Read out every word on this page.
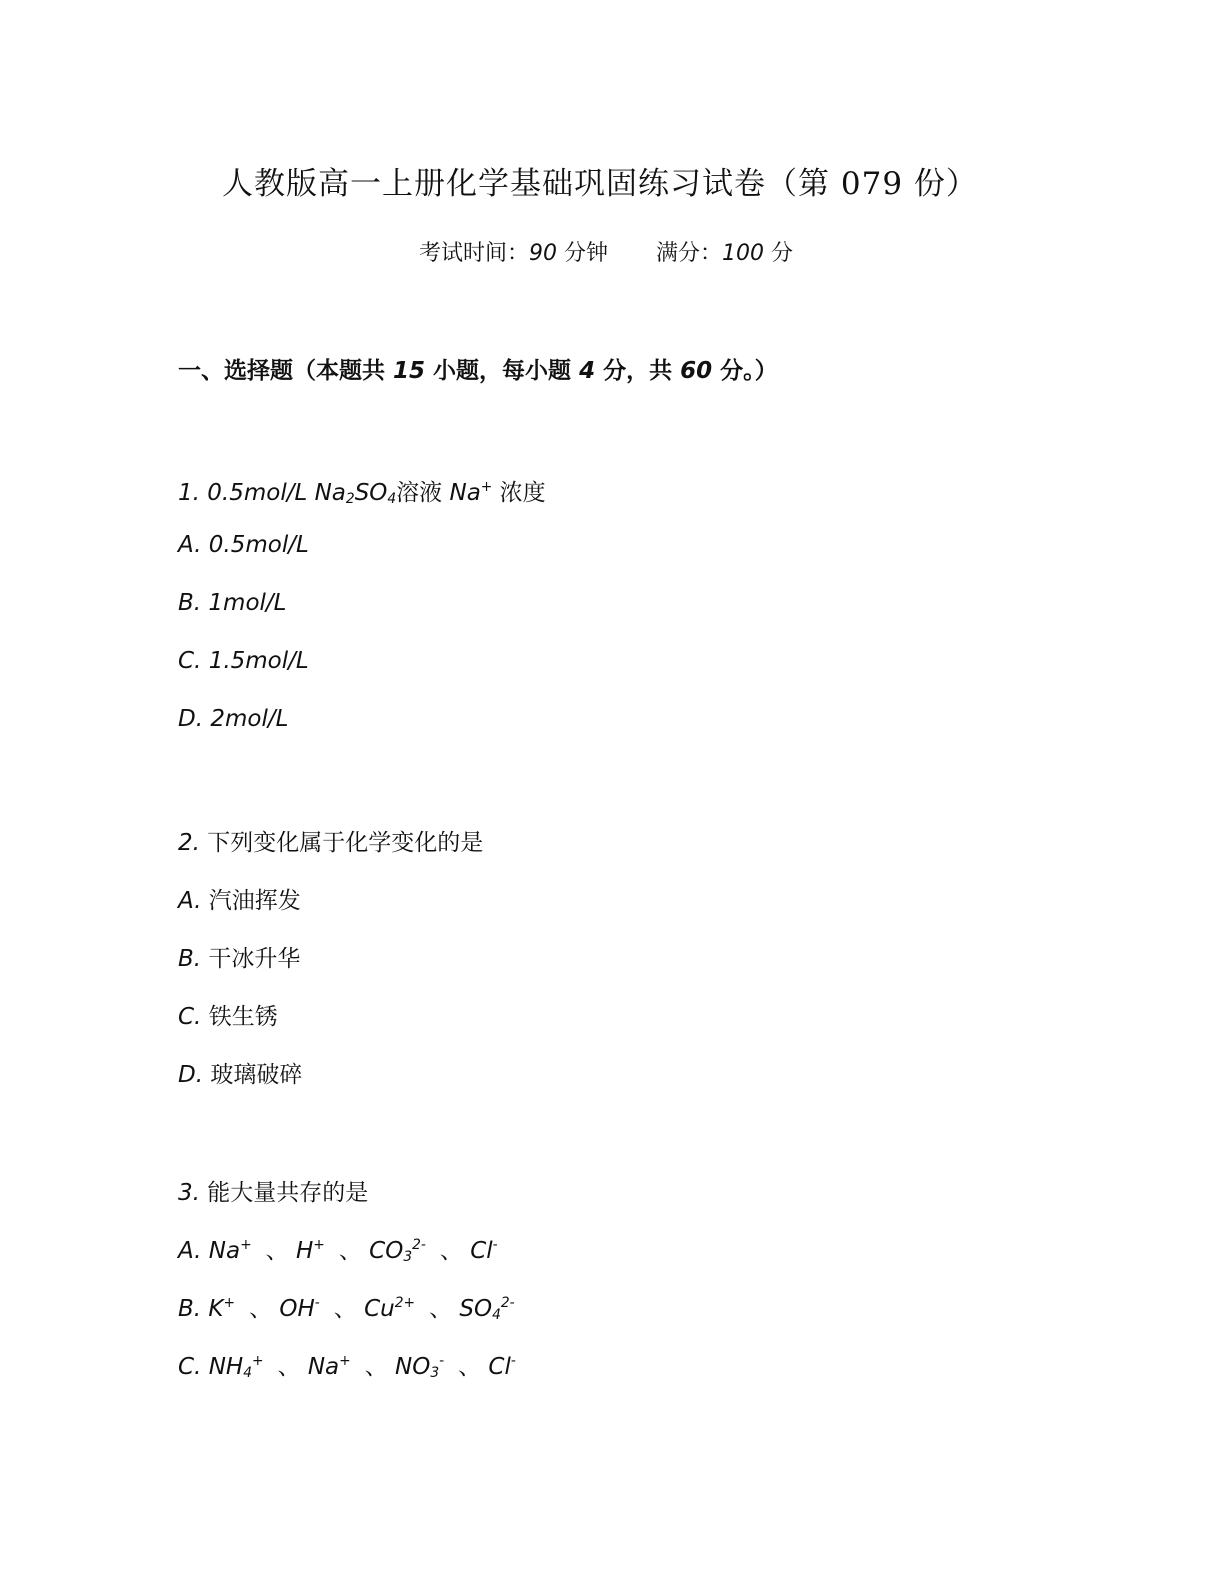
人教版高一上册化学基础巩固练习试卷（第 079 份）
考试时间：90 分钟 满分：100 分
一、选择题（本题共 15 小题，每小题 4 分，共 60 分。）
1. 0.5mol/L $Na_2SO_4$溶液 Na+ 浓度
A. 0.5mol/L
B. 1mol/L
C. 1.5mol/L
D. 2mol/L
2. 下列变化属于化学变化的是
A. 汽油挥发
B. 干冰升华
C. 铁生锈
D. 玻璃破碎
3. 能大量共存的是
A. Na+ 、 H+ 、 $CO_3^{2-}$ 、 Cl-
B. K+ 、 OH- 、 $Cu^{2+}$ 、 $SO_4^{2-}$
C. $NH_4^+$ 、 Na+ 、 $NO_3^-$ 、 Cl-
